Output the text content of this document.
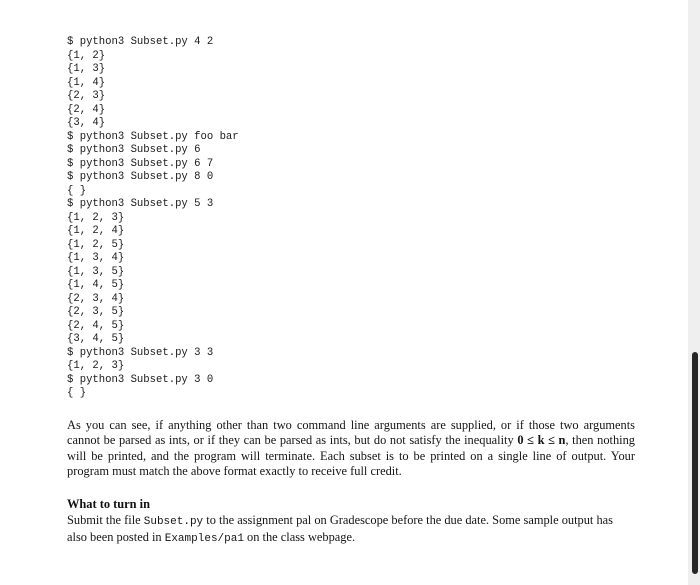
$ python3 Subset.py 4 2
{1, 2}
{1, 3}
{1, 4}
{2, 3}
{2, 4}
{3, 4}
$ python3 Subset.py foo bar
$ python3 Subset.py 6
$ python3 Subset.py 6 7
$ python3 Subset.py 8 0
{ }
$ python3 Subset.py 5 3
{1, 2, 3}
{1, 2, 4}
{1, 2, 5}
{1, 3, 4}
{1, 3, 5}
{1, 4, 5}
{2, 3, 4}
{2, 3, 5}
{2, 4, 5}
{3, 4, 5}
$ python3 Subset.py 3 3
{1, 2, 3}
$ python3 Subset.py 3 0
{ }

As you can see, if anything other than two command line arguments are supplied, or if those two arguments cannot be parsed as ints, or if they can be parsed as ints, but do not satisfy the inequality 0 ≤ k ≤ n, then nothing will be printed, and the program will terminate. Each subset is to be printed on a single line of output. Your program must match the above format exactly to receive full credit.

What to turn in

Submit the file Subset.py to the assignment pal on Gradescope before the due date. Some sample output has also been posted in Examples/pa1 on the class webpage.
